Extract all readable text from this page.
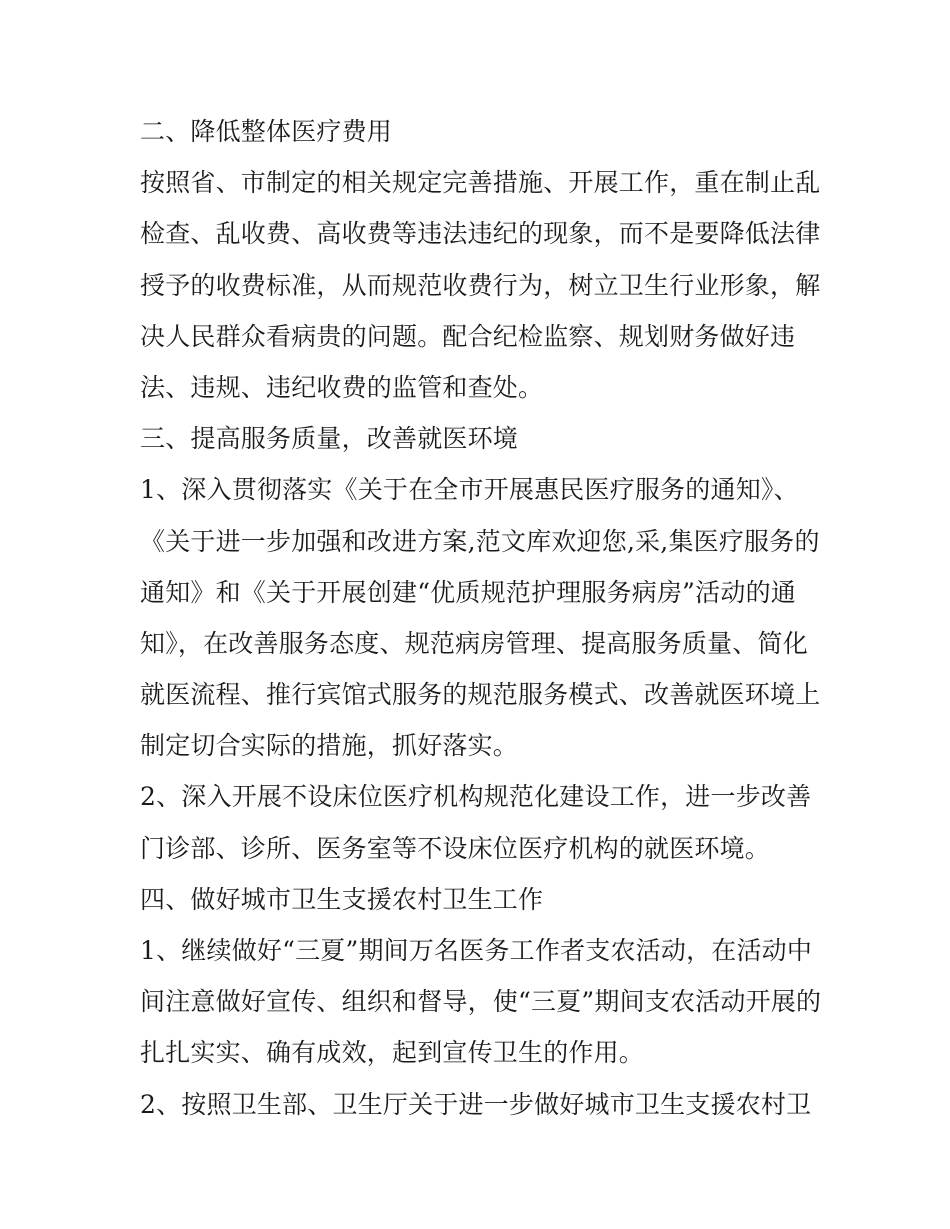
二、降低整体医疗费用
按照省、市制定的相关规定完善措施、开展工作，重在制止乱
检查、乱收费、高收费等违法违纪的现象，而不是要降低法律
授予的收费标准，从而规范收费行为，树立卫生行业形象，解
决人民群众看病贵的问题。配合纪检监察、规划财务做好违
法、违规、违纪收费的监管和查处。
三、提高服务质量，改善就医环境
1、深入贯彻落实《关于在全市开展惠民医疗服务的通知》、
《关于进一步加强和改进方案,范文库欢迎您,采,集医疗服务的
通知》和《关于开展创建“优质规范护理服务病房”活动的通
知》，在改善服务态度、规范病房管理、提高服务质量、简化
就医流程、推行宾馆式服务的规范服务模式、改善就医环境上
制定切合实际的措施，抓好落实。
2、深入开展不设床位医疗机构规范化建设工作，进一步改善
门诊部、诊所、医务室等不设床位医疗机构的就医环境。
四、做好城市卫生支援农村卫生工作
1、继续做好“三夏”期间万名医务工作者支农活动，在活动中
间注意做好宣传、组织和督导，使“三夏”期间支农活动开展的
扎扎实实、确有成效，起到宣传卫生的作用。
2、按照卫生部、卫生厅关于进一步做好城市卫生支援农村卫
